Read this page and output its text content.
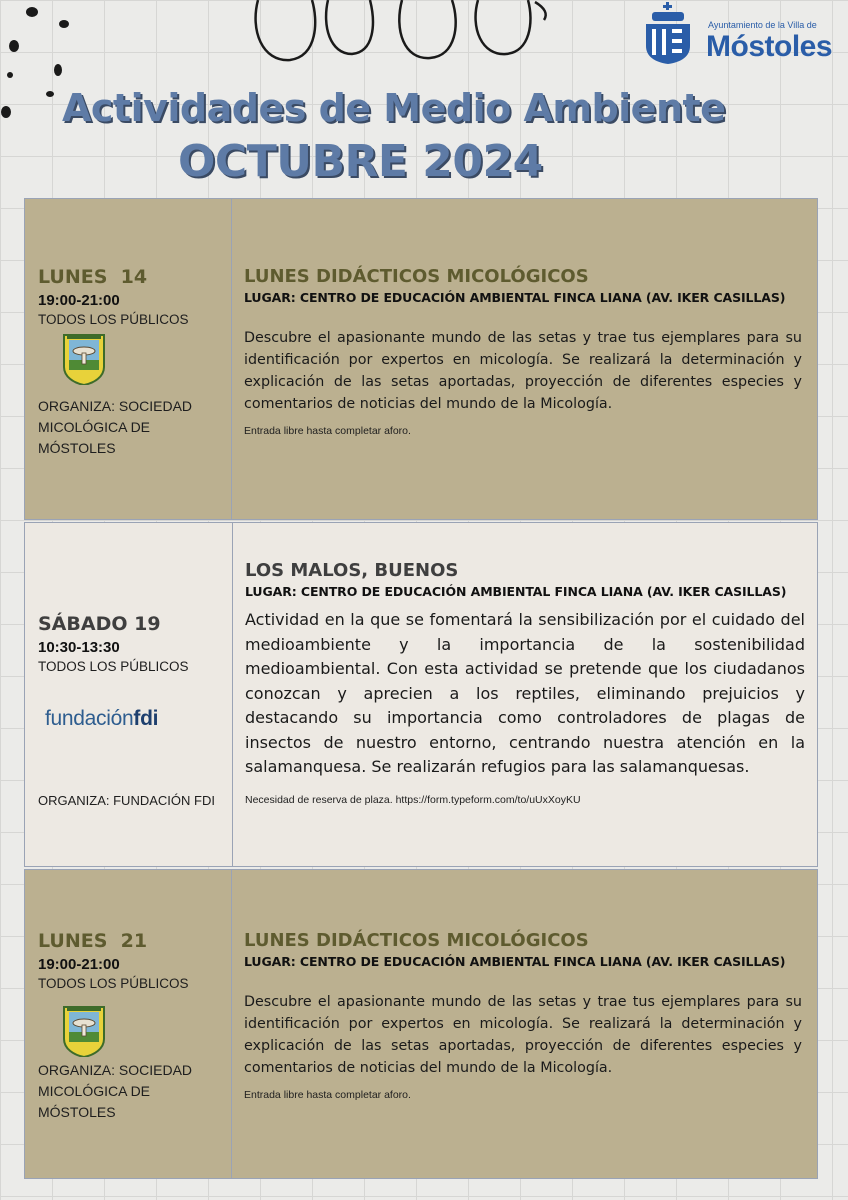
Ayuntamiento de la Villa de
Móstoles
Actividades de Medio Ambiente
OCTUBRE 2024
LUNES  14
19:00-21:00
TODOS LOS PÚBLICOS
ORGANIZA: SOCIEDAD MICOLÓGICA DE MÓSTOLES
LUNES DIDÁCTICOS MICOLÓGICOS
LUGAR: CENTRO DE EDUCACIÓN AMBIENTAL FINCA LIANA (AV. IKER CASILLAS)
Descubre el apasionante mundo de las setas y trae tus ejemplares para su identificación por expertos en micología. Se realizará la determinación y explicación de las setas aportadas, proyección de diferentes especies y comentarios de noticias del mundo de la Micología.
Entrada libre hasta completar aforo.
SÁBADO 19
10:30-13:30
TODOS LOS PÚBLICOS
fundaciónfdi
ORGANIZA: FUNDACIÓN FDI
LOS MALOS, BUENOS
LUGAR: CENTRO DE EDUCACIÓN AMBIENTAL FINCA LIANA (AV. IKER CASILLAS)
Actividad en la que se fomentará la sensibilización por el cuidado del medioambiente y la importancia de la sostenibilidad medioambiental. Con esta actividad se pretende que los ciudadanos conozcan y aprecien a los reptiles, eliminando prejuicios y destacando su importancia como controladores de plagas de insectos de nuestro entorno, centrando nuestra atención en la salamanquesa. Se realizarán refugios para las salamanquesas.
Necesidad de reserva de plaza. https://form.typeform.com/to/uUxXoyKU
LUNES  21
19:00-21:00
TODOS LOS PÚBLICOS
ORGANIZA: SOCIEDAD MICOLÓGICA DE MÓSTOLES
LUNES DIDÁCTICOS MICOLÓGICOS
LUGAR: CENTRO DE EDUCACIÓN AMBIENTAL FINCA LIANA (AV. IKER CASILLAS)
Descubre el apasionante mundo de las setas y trae tus ejemplares para su identificación por expertos en micología. Se realizará la determinación y explicación de las setas aportadas, proyección de diferentes especies y comentarios de noticias del mundo de la Micología.
Entrada libre hasta completar aforo.
